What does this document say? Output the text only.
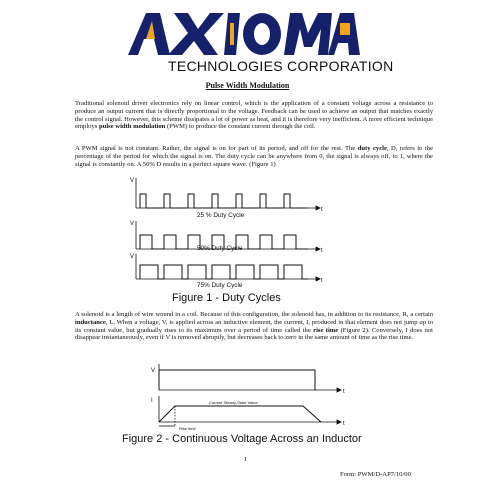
TECHNOLOGIES CORPORATION
Pulse Width Modulation
Traditional solenoid driver electronics rely on linear control, which is the application of a constant voltage across a resistance to produce an output current that is directly proportional to the voltage. Feedback can be used to achieve an output that matches exactly the control signal. However, this scheme dissipates a lot of power as heat, and it is therefore very inefficient. A more efficient technique employs pulse width modulation (PWM) to produce the constant current through the coil.
A PWM signal is not constant. Rather, the signal is on for part of its period, and off for the rest. The duty cycle, D, refers to the percentage of the period for which the signal is on. The duty cycle can be anywhere from 0, the signal is always off, to 1, where the signal is constantly on. A 50% D results in a perfect square wave. (Figure 1)
V
t
V
t
V
t
25 % Duty Cycle
50% Duty Cycle
75% Duty Cycle
Figure 1 - Duty Cycles
A solenoid is a length of wire wound in a coil. Because of this configuration, the solenoid has, in addition to its resistance, R, a certain inductance, L. When a voltage, V, is applied across an inductive element, the current, I, produced in that element does not jump up to its constant value, but gradually rises to its maximum over a period of time called the rise time (Figure 2). Conversely, I does not disappear instantaneously, even if V is removed abruptly, but decreases back to zero in the same amount of time as the rise time.
V
t
I
t
Current Steady-State Value
Rise time
Figure 2 - Continuous Voltage Across an Inductor
1
Form: PWM/D-AP7/10/00
